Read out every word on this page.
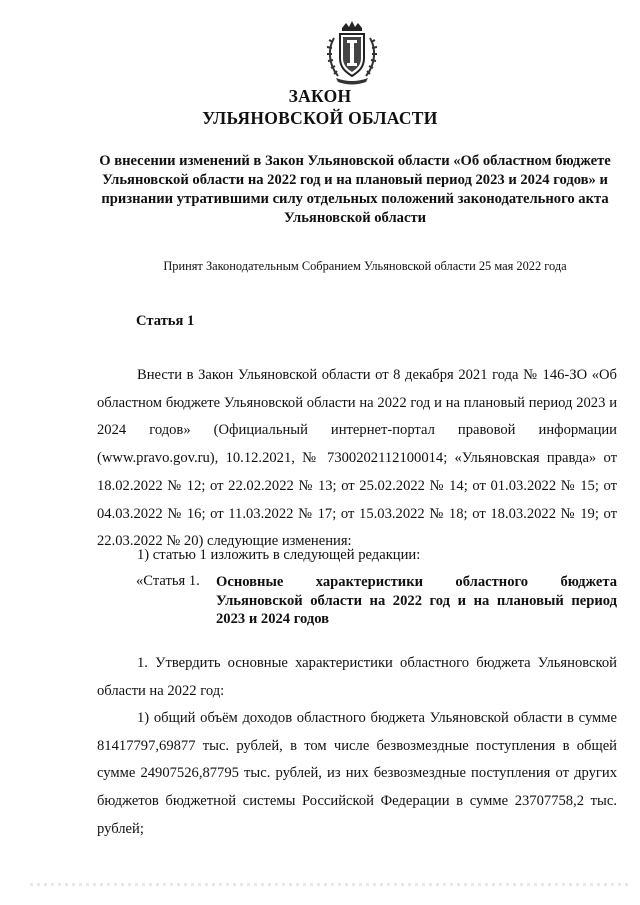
ЗАКОН

УЛЬЯНОВСКОЙ ОБЛАСТИ

О внесении изменений в Закон Ульяновской области «Об областном бюджете Ульяновской области на 2022 год и на плановый период 2023 и 2024 годов» и признании утратившими силу отдельных положений законодательного акта Ульяновской области

Принят Законодательным Собранием Ульяновской области 25 мая 2022 года

Статья 1

Внести в Закон Ульяновской области от 8 декабря 2021 года № 146-ЗО «Об областном бюджете Ульяновской области на 2022 год и на плановый период 2023 и 2024 годов» (Официальный интернет-портал правовой информации (www.pravo.gov.ru), 10.12.2021, № 7300202112100014; «Ульяновская правда» от 18.02.2022 № 12; от 22.02.2022 № 13; от 25.02.2022 № 14; от 01.03.2022 № 15; от 04.03.2022 № 16; от 11.03.2022 № 17; от 15.03.2022 № 18; от 18.03.2022 № 19; от 22.03.2022 № 20) следующие изменения:

1) статью 1 изложить в следующей редакции:

«Статья 1. Основные характеристики областного бюджета Ульяновской области на 2022 год и на плановый период 2023 и 2024 годов

1. Утвердить основные характеристики областного бюджета Ульяновской области на 2022 год:

1) общий объём доходов областного бюджета Ульяновской области в сумме 81417797,69877 тыс. рублей, в том числе безвозмездные поступления в общей сумме 24907526,87795 тыс. рублей, из них безвозмездные поступления от других бюджетов бюджетной системы Российской Федерации в сумме 23707758,2 тыс. рублей;
